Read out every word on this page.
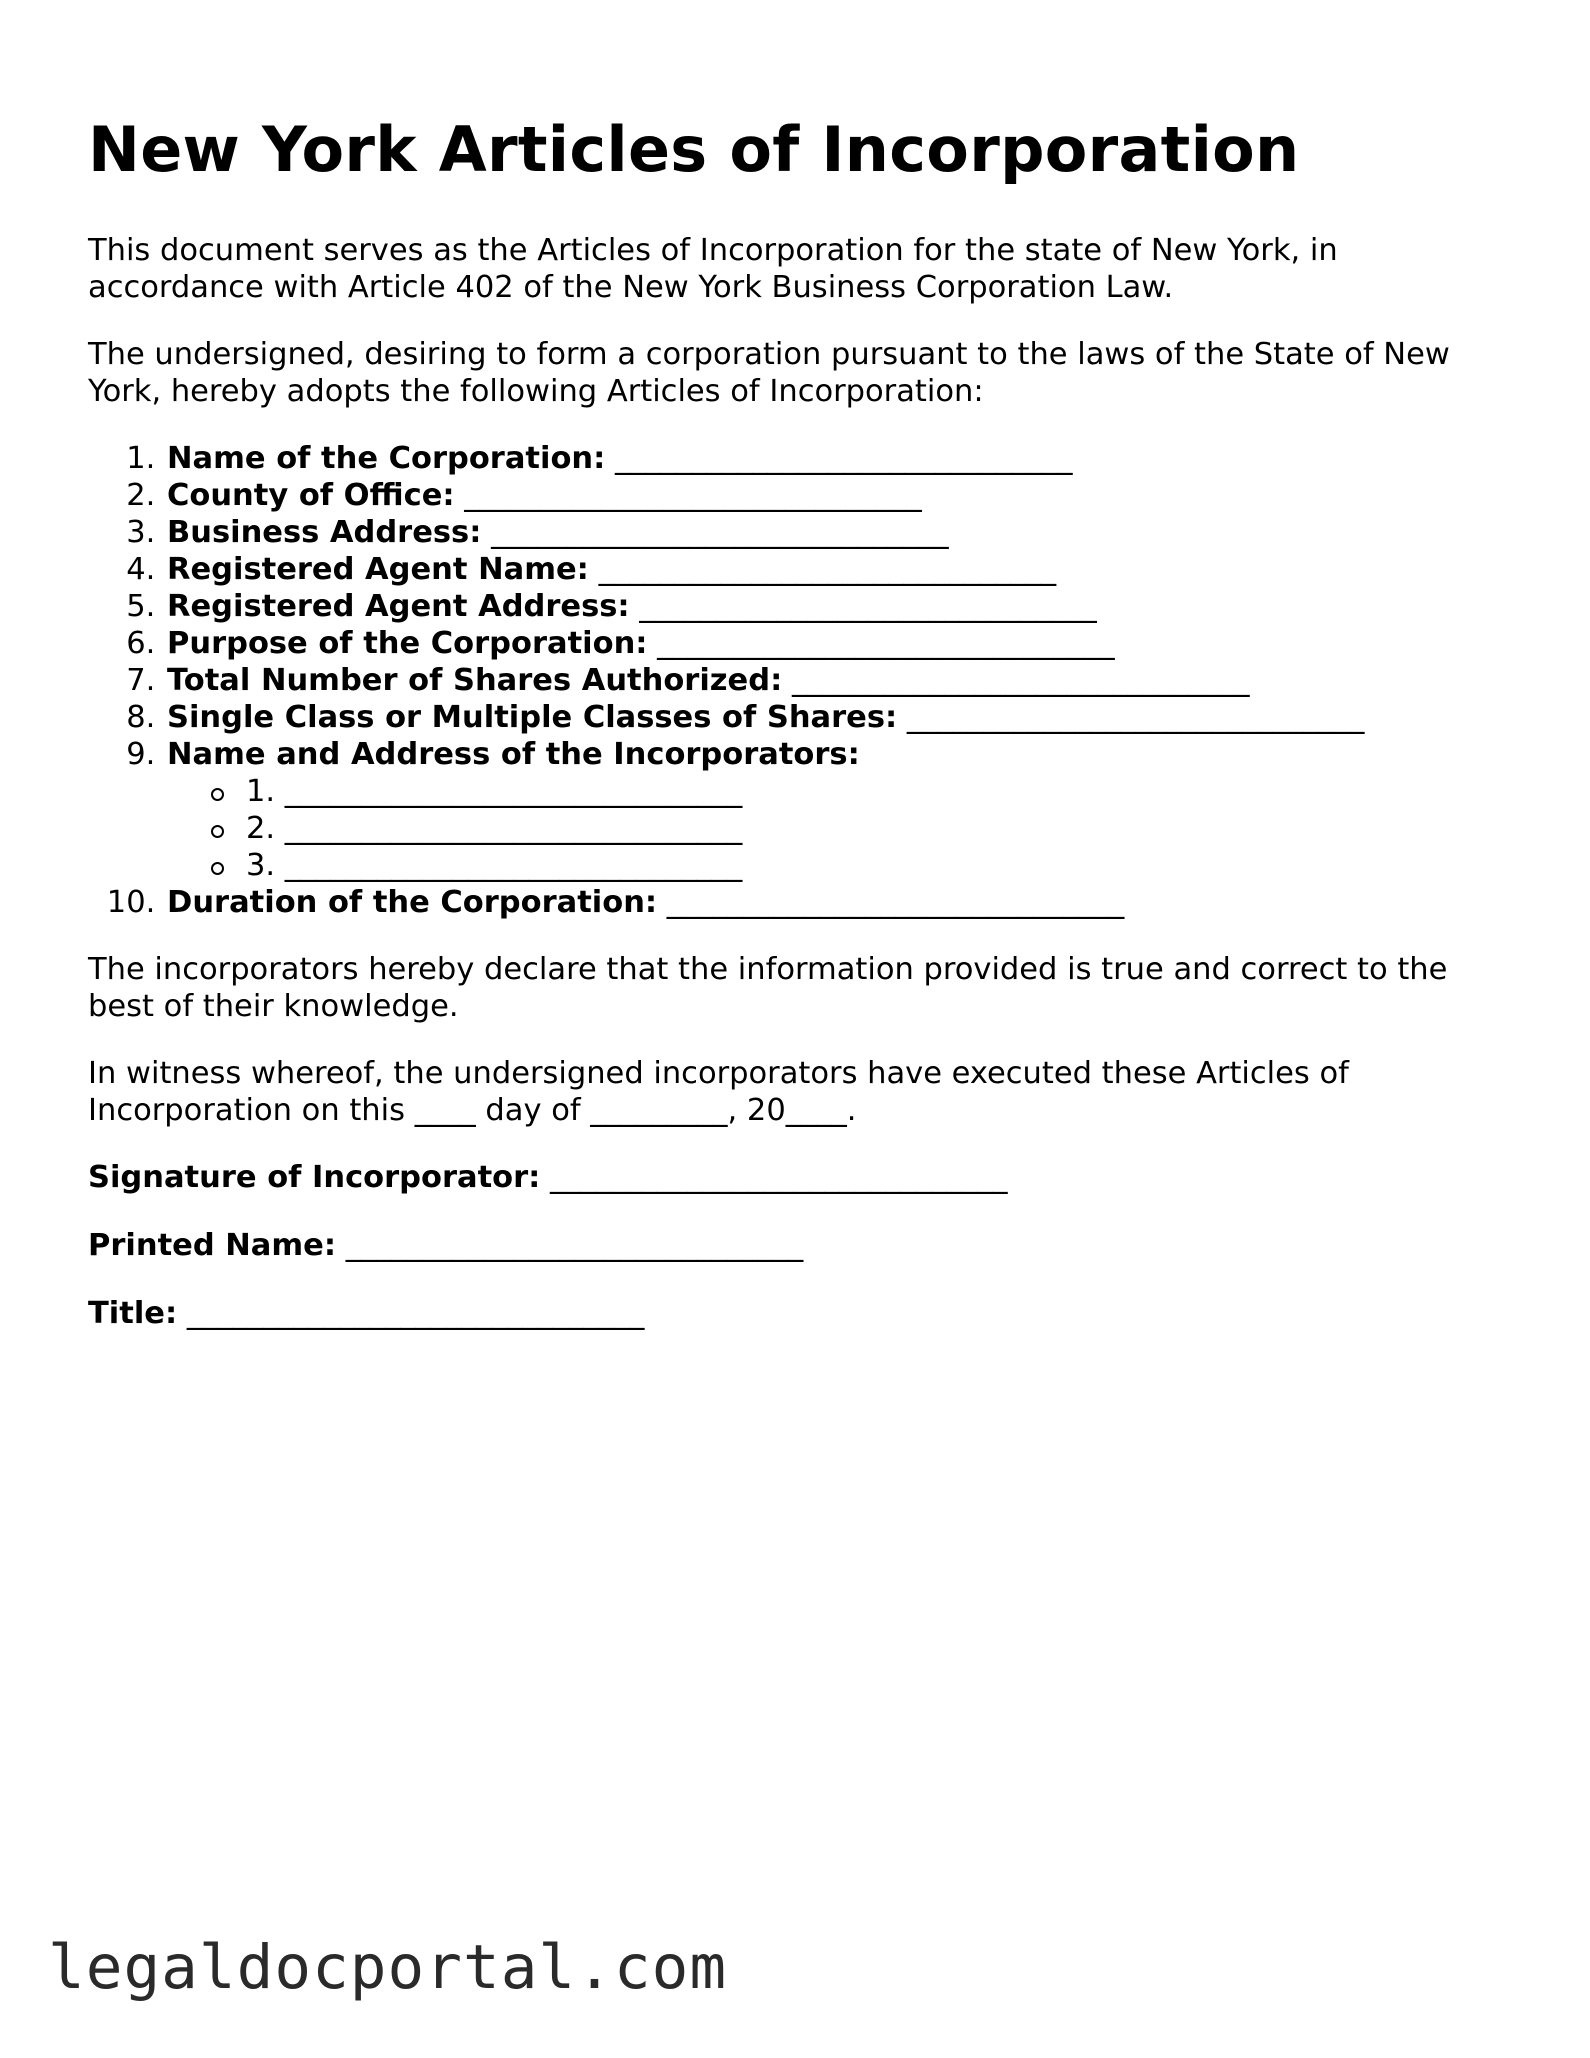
New York Articles of Incorporation

This document serves as the Articles of Incorporation for the state of New York, in accordance with Article 402 of the New York Business Corporation Law.

The undersigned, desiring to form a corporation pursuant to the laws of the State of New York, hereby adopts the following Articles of Incorporation:

1. Name of the Corporation: ______________________________
2. County of Office: ______________________________
3. Business Address: ______________________________
4. Registered Agent Name: ______________________________
5. Registered Agent Address: ______________________________
6. Purpose of the Corporation: ______________________________
7. Total Number of Shares Authorized: ______________________________
8. Single Class or Multiple Classes of Shares: ______________________________
9. Name and Address of the Incorporators:
1. ______________________________
2. ______________________________
3. ______________________________
10. Duration of the Corporation: ______________________________

The incorporators hereby declare that the information provided is true and correct to the best of their knowledge.

In witness whereof, the undersigned incorporators have executed these Articles of Incorporation on this ____ day of _________, 20____.

Signature of Incorporator: ______________________________
Printed Name: ______________________________
Title: ______________________________
legaldocportal.com
